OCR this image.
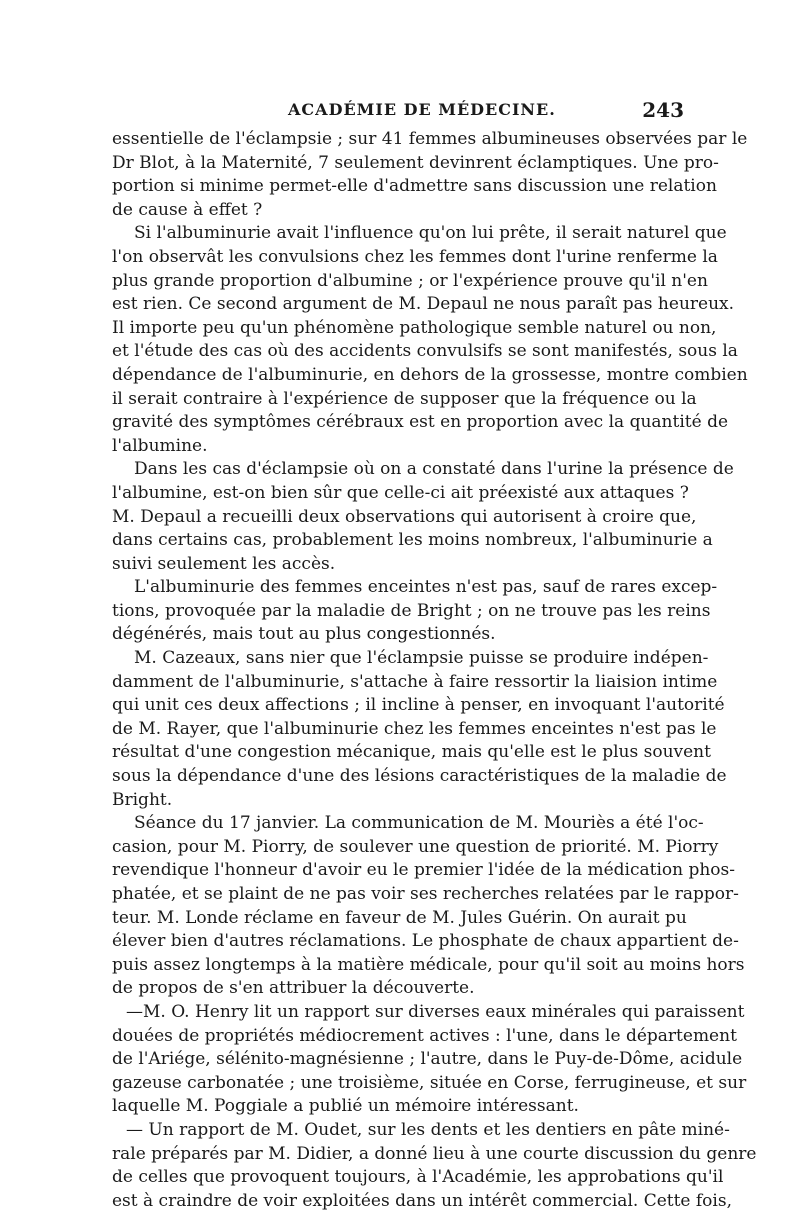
ACADÉMIE DE MÉDECINE.	243
essentielle de l'éclampsie ; sur 41 femmes albumineuses observées par le
Dr Blot, à la Maternité, 7 seulement devinrent éclamptiques. Une pro-
portion si minime permet-elle d'admettre sans discussion une relation
de cause à effet ?
Si l'albuminurie avait l'influence qu'on lui prête, il serait naturel que
l'on observât les convulsions chez les femmes dont l'urine renferme la
plus grande proportion d'albumine ; or l'expérience prouve qu'il n'en
est rien. Ce second argument de M. Depaul ne nous paraît pas heureux.
Il importe peu qu'un phénomène pathologique semble naturel ou non,
et l'étude des cas où des accidents convulsifs se sont manifestés, sous la
dépendance de l'albuminurie, en dehors de la grossesse, montre combien
il serait contraire à l'expérience de supposer que la fréquence ou la
gravité des symptômes cérébraux est en proportion avec la quantité de
l'albumine.
Dans les cas d'éclampsie où on a constaté dans l'urine la présence de
l'albumine, est-on bien sûr que celle-ci ait préexisté aux attaques ?
M. Depaul a recueilli deux observations qui autorisent à croire que,
dans certains cas, probablement les moins nombreux, l'albuminurie a
suivi seulement les accès.
L'albuminurie des femmes enceintes n'est pas, sauf de rares excep-
tions, provoquée par la maladie de Bright ; on ne trouve pas les reins
dégénérés, mais tout au plus congestionnés.
M. Cazeaux, sans nier que l'éclampsie puisse se produire indépen-
damment de l'albuminurie, s'attache à faire ressortir la liaision intime
qui unit ces deux affections ; il incline à penser, en invoquant l'autorité
de M. Rayer, que l'albuminurie chez les femmes enceintes n'est pas le
résultat d'une congestion mécanique, mais qu'elle est le plus souvent
sous la dépendance d'une des lésions caractéristiques de la maladie de
Bright.
Séance du 17 janvier. La communication de M. Mouriès a été l'oc-
casion, pour M. Piorry, de soulever une question de priorité. M. Piorry
revendique l'honneur d'avoir eu le premier l'idée de la médication phos-
phatée, et se plaint de ne pas voir ses recherches relatées par le rappor-
teur. M. Londe réclame en faveur de M. Jules Guérin. On aurait pu
élever bien d'autres réclamations. Le phosphate de chaux appartient de-
puis assez longtemps à la matière médicale, pour qu'il soit au moins hors
de propos de s'en attribuer la découverte.
—M. O. Henry lit un rapport sur diverses eaux minérales qui paraissent
douées de propriétés médiocrement actives : l'une, dans le département
de l'Ariége, sélénito-magnésienne ; l'autre, dans le Puy-de-Dôme, acidule
gazeuse carbonatée ; une troisième, située en Corse, ferrugineuse, et sur
laquelle M. Poggiale a publié un mémoire intéressant.
— Un rapport de M. Oudet, sur les dents et les dentiers en pâte miné-
rale préparés par M. Didier, a donné lieu à une courte discussion du genre
de celles que provoquent toujours, à l'Académie, les approbations qu'il
est à craindre de voir exploitées dans un intérêt commercial. Cette fois,
